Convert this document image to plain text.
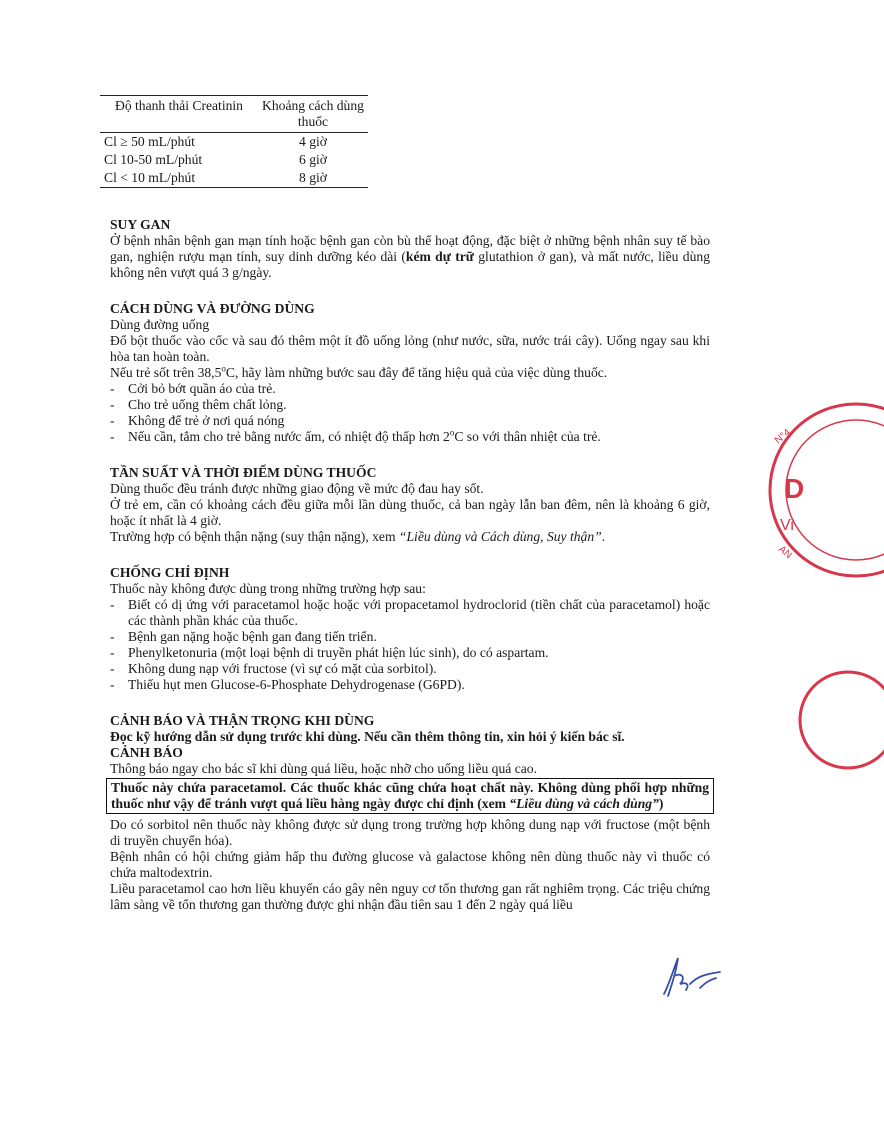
Độ thanh thải Creatinin	Khoảng cách dùng thuốc
Cl ≥ 50 mL/phút	4 giờ
Cl 10-50 mL/phút	6 giờ
Cl < 10 mL/phút	8 giờ
SUY GAN

Ở bệnh nhân bệnh gan mạn tính hoặc bệnh gan còn bù thể hoạt động, đặc biệt ở những bệnh nhân suy tế bào gan, nghiện rượu mạn tính, suy dinh dưỡng kéo dài (kém dự trữ glutathion ở gan), và mất nước, liều dùng không nên vượt quá 3 g/ngày.

CÁCH DÙNG VÀ ĐƯỜNG DÙNG

Dùng đường uống

Đổ bột thuốc vào cốc và sau đó thêm một ít đồ uống lỏng (như nước, sữa, nước trái cây). Uống ngay sau khi hòa tan hoàn toàn.

Nếu trẻ sốt trên 38,5$^o$C, hãy làm những bước sau đây để tăng hiệu quả của việc dùng thuốc.

- Cởi bỏ bớt quần áo của trẻ.
- Cho trẻ uống thêm chất lỏng.
- Không để trẻ ở nơi quá nóng
- Nếu cần, tắm cho trẻ bằng nước ấm, có nhiệt độ thấp hơn 2$^o$C so với thân nhiệt của trẻ.
TẦN SUẤT VÀ THỜI ĐIỂM DÙNG THUỐC

Dùng thuốc đều tránh được những giao động về mức độ đau hay sốt.

Ở trẻ em, cần có khoảng cách đều giữa mỗi lần dùng thuốc, cả ban ngày lẫn ban đêm, nên là khoảng 6 giờ, hoặc ít nhất là 4 giờ.

Trường hợp có bệnh thận nặng (suy thận nặng), xem “Liều dùng và Cách dùng, Suy thận”.

CHỐNG CHỈ ĐỊNH

Thuốc này không được dùng trong những trường hợp sau:

- Biết có dị ứng với paracetamol hoặc hoặc với propacetamol hydroclorid (tiền chất của paracetamol) hoặc các thành phần khác của thuốc.
- Bệnh gan nặng hoặc bệnh gan đang tiến triển.
- Phenylketonuria (một loại bệnh di truyền phát hiện lúc sinh), do có aspartam.
- Không dung nạp với fructose (vì sự có mặt của sorbitol).
- Thiếu hụt men Glucose-6-Phosphate Dehydrogenase (G6PD).
CẢNH BÁO VÀ THẬN TRỌNG KHI DÙNG

Đọc kỹ hướng dẫn sử dụng trước khi dùng. Nếu cần thêm thông tin, xin hỏi ý kiến bác sĩ.

CẢNH BÁO

Thông báo ngay cho bác sĩ khi dùng quá liều, hoặc nhỡ cho uống liều quá cao.

Thuốc này chứa paracetamol. Các thuốc khác cũng chứa hoạt chất này. Không dùng phối hợp những thuốc như vậy để tránh vượt quá liều hàng ngày được chỉ định (xem “Liều dùng và cách dùng”)

Do có sorbitol nên thuốc này không được sử dụng trong trường hợp không dung nạp với fructose (một bệnh di truyền chuyển hóa).

Bệnh nhân có hội chứng giảm hấp thu đường glucose và galactose không nên dùng thuốc này vì thuốc có chứa maltodextrin.

Liều paracetamol cao hơn liều khuyến cáo gây nên nguy cơ tổn thương gan rất nghiêm trọng. Các triệu chứng lâm sàng về tổn thương gan thường được ghi nhận đầu tiên sau 1 đến 2 ngày quá liều

D
Vi
N°4
AN
